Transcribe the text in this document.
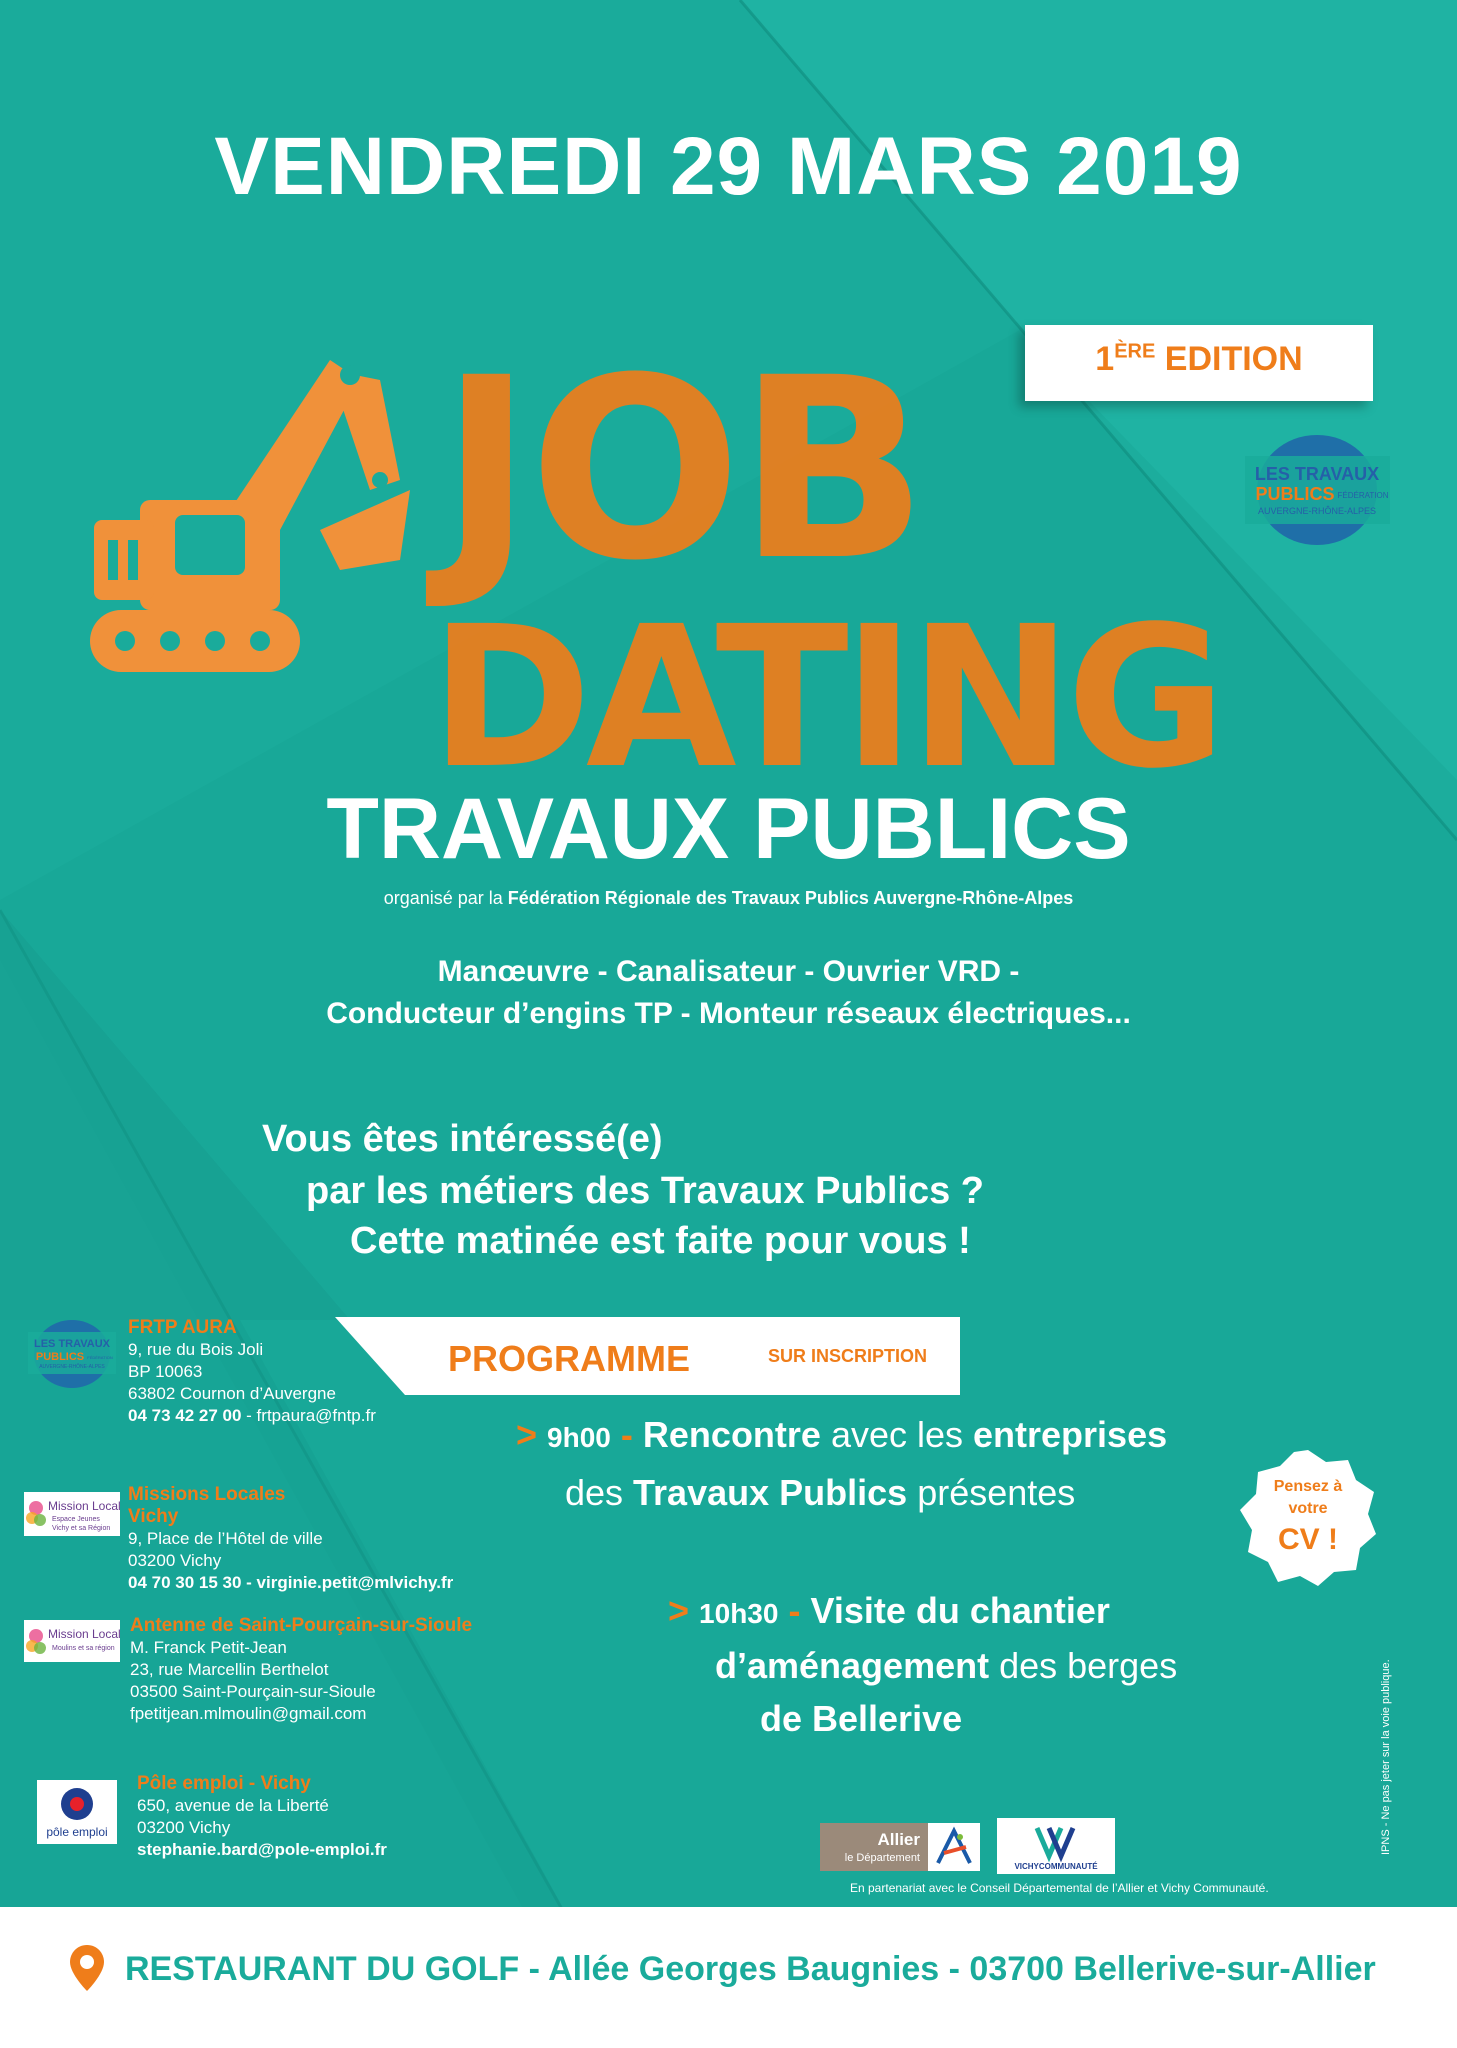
VENDREDI 29 MARS 2019
1ÈRE EDITION
JOB
DATING
LES TRAVAUX
PUBLICS FÉDÉRATION
AUVERGNE-RHÔNE-ALPES
TRAVAUX PUBLICS
organisé par la Fédération Régionale des Travaux Publics Auvergne-Rhône-Alpes
Manœuvre - Canalisateur - Ouvrier VRD -
Conducteur d’engins TP - Monteur réseaux électriques...
Vous êtes intéressé(e)
par les métiers des Travaux Publics ?
Cette matinée est faite pour vous !
PROGRAMME	SUR INSCRIPTION
> 9h00 - Rencontre avec les entreprises
des Travaux Publics présentes
> 10h30 - Visite du chantier
d’aménagement des berges
de Bellerive
Pensez à
votre
CV !
LES TRAVAUX
PUBLICS FÉDÉRATION
AUVERGNE-RHÔNE-ALPES
FRTP AURA
9, rue du Bois Joli
BP 10063
63802 Cournon d’Auvergne
04 73 42 27 00 - frtpaura@fntp.fr
Mission Locale
Espace Jeunes
Vichy et sa Région
Missions Locales
Vichy
9, Place de l’Hôtel de ville
03200 Vichy
04 70 30 15 30 - virginie.petit@mlvichy.fr
Mission Locale
Moulins et sa région
Antenne de Saint-Pourçain-sur-Sioule
M. Franck Petit-Jean
23, rue Marcellin Berthelot
03500 Saint-Pourçain-sur-Sioule
fpetitjean.mlmoulin@gmail.com
pôle emploi
Pôle emploi - Vichy
650, avenue de la Liberté
03200 Vichy
stephanie.bard@pole-emploi.fr
Allier
le Département
VICHYCOMMUNAUTÉ
En partenariat avec le Conseil Départemental de l’Allier et Vichy Communauté.
IPNS - Ne pas jeter sur la voie publique.
RESTAURANT DU GOLF - Allée Georges Baugnies - 03700 Bellerive-sur-Allier
